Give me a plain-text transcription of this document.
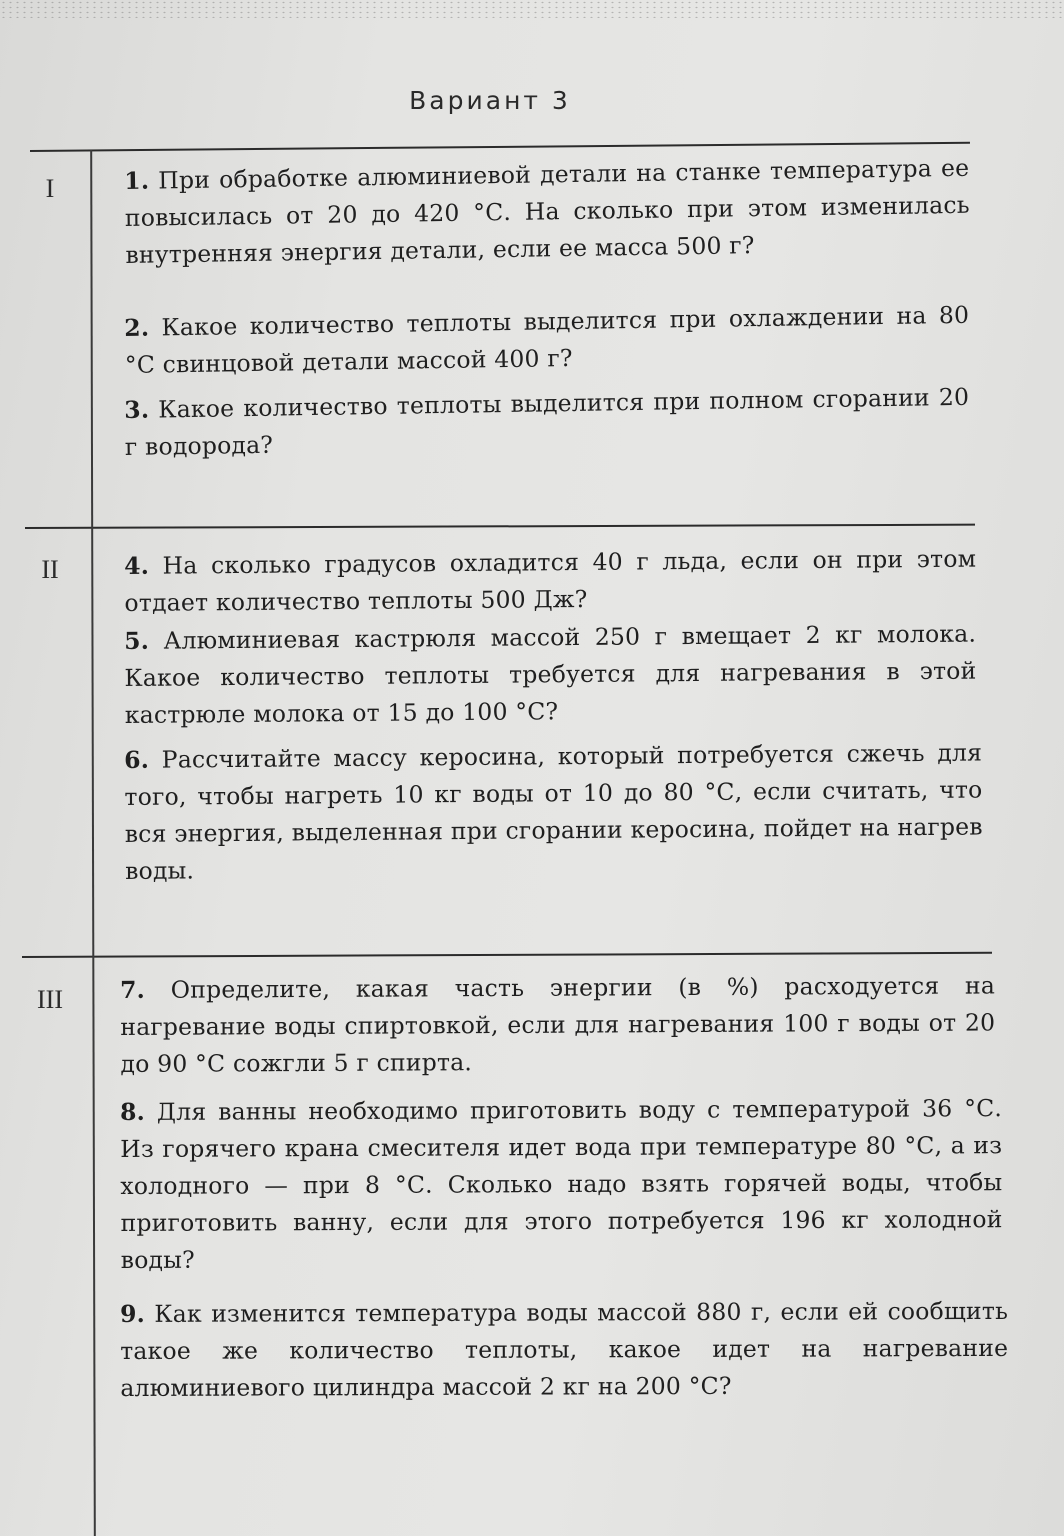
Вариант 3
I	1. При обработке алюминиевой детали на станке температура ее повысилась от 20 до 420 °С. На сколько при этом изменилась внутренняя энергия детали, если ее масса 500 г?
2. Какое количество теплоты выделится при охлаждении на 80 °С свинцовой детали массой 400 г?
3. Какое количество теплоты выделится при полном сгорании 20 г водорода?
II	4. На сколько градусов охладится 40 г льда, если он при этом отдает количество теплоты 500 Дж?
5. Алюминиевая кастрюля массой 250 г вмещает 2 кг молока. Какое количество теплоты требуется для нагревания в этой кастрюле молока от 15 до 100 °С?
6. Рассчитайте массу керосина, который потребуется сжечь для того, чтобы нагреть 10 кг воды от 10 до 80 °С, если считать, что вся энергия, выделенная при сгорании керосина, пойдет на нагрев воды.
III 7. Определите, какая часть энергии (в %) расходуется на нагревание воды спиртовкой, если для нагревания 100 г воды от 20 до 90 °С сожгли 5 г спирта.
8. Для ванны необходимо приготовить воду с температурой 36 °С. Из горячего крана смесителя идет вода при температуре 80 °С, а из холодного — при 8 °С. Сколько надо взять горячей воды, чтобы приготовить ванну, если для этого потребуется 196 кг холодной воды?
9. Как изменится температура воды массой 880 г, если ей сообщить такое же количество теплоты, какое идет на нагревание алюминиевого цилиндра массой 2 кг на 200 °С?
